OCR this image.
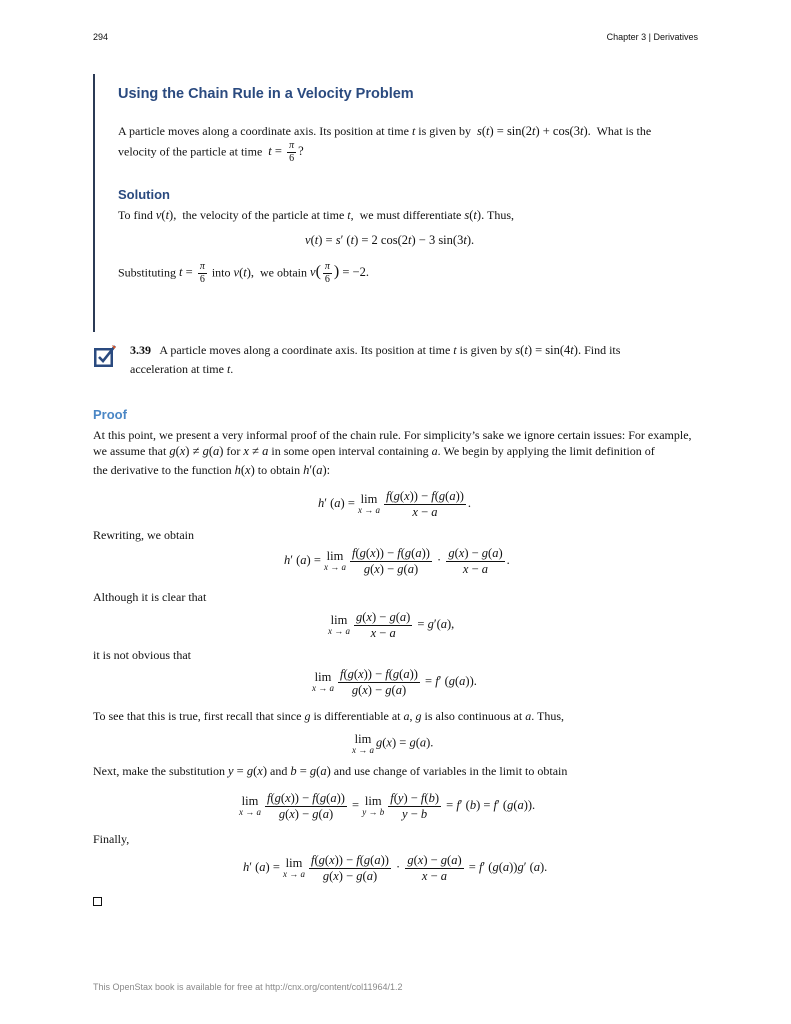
294	Chapter 3 | Derivatives
Using the Chain Rule in a Velocity Problem
A particle moves along a coordinate axis. Its position at time t is given by s(t) = sin(2t) + cos(3t). What is the
velocity of the particle at time $t = \frac{\pi}{6}$ ?
Solution
To find v(t), the velocity of the particle at time t,  we must differentiate s(t). Thus,
v(t) = s′ (t) = 2 cos(2t) − 3 sin(3t).
Substituting $t = \frac{\pi}{6}$ into v(t), we obtain $v( \frac{\pi}{6}$ ) = −2.
3.39 A particle moves along a coordinate axis. Its position at time t is given by s(t) = sin(4t). Find its
acceleration at time t.
Proof
At this point, we present a very informal proof of the chain rule. For simplicity’s sake we ignore certain issues: For example,
we assume that g(x) ≠ g(a) for x ≠ a in some open interval containing a. We begin by applying the limit definition of
the derivative to the function h(x) to obtain h′(a):
h′ (a) = lim
x → a $\frac{f(g(x)) - f(g(a))}{x - a}$ .
Rewriting, we obtain
h′ (a) = lim
x → a $\frac{f(g(x)) - f(g(a))}{g(x) - g(a)} \cdot \frac{g(x) - g(a)}{x - a}$ .
Although it is clear that
lim
x → a $\frac{g(x) - g(a)}{x - a} = g'(a)$,
it is not obvious that
lim
x → a $\frac{f(g(x)) - f(g(a))}{g(x) - g(a)} = f'$ (g(a)).
To see that this is true, first recall that since g is differentiable at a, g is also continuous at a. Thus,
lim
x → a g(x) = g(a).
Next, make the substitution y = g(x) and b = g(a) and use change of variables in the limit to obtain
lim
x → a $\frac{f(g(x)) - f(g(a))}{g(x) - g(a)} = \lim$
y → b $\frac{f(y) - f(b)}{y - b} = f'$ (b) = f′ (g(a)).
Finally,
h′ (a) = lim
x → a $\frac{f(g(x)) - f(g(a))}{g(x) - g(a)} \cdot \frac{g(x) - g(a)}{x - a} = f'$ (g(a))g′ (a).
This OpenStax book is available for free at http://cnx.org/content/col11964/1.2
